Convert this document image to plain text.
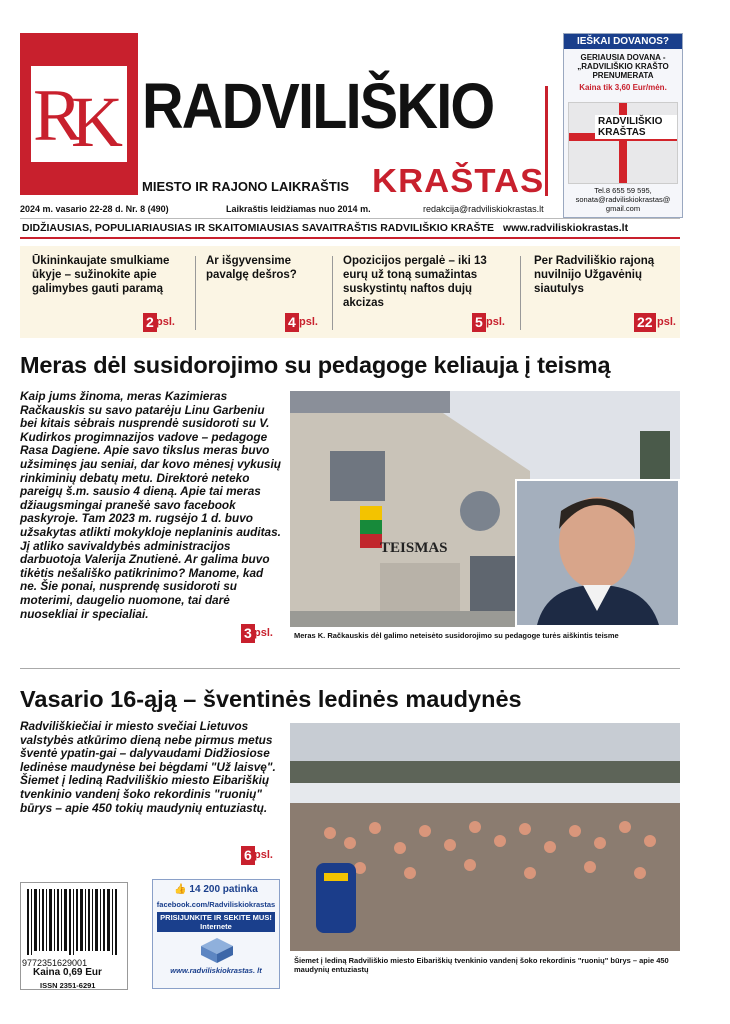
R
K RADVILIŠKIO
MIESTO IR RAJONO LAIKRAŠTIS KRAŠTAS
IEŠKAI DOVANOS?
GERIAUSIA DOVANA - „RADVILIŠKIO KRAŠTO PRENUMERATA
Kaina tik 3,60 Eur/mėn.
RADVILIŠKIO KRAŠTAS
Tel.8 655 59 595,
sonata@radviliskiokrastas@ gmail.com
2024 m. vasario 22-28 d. Nr. 8 (490)	Laikraštis leidžiamas nuo 2014 m.	redakcija@radviliskiokrastas.lt
DIDŽIAUSIAS, POPULIARIAUSIAS IR SKAITOMIAUSIAS SAVAITRAŠTIS RADVILIŠKIO KRAŠTE www.radviliskiokrastas.lt
Ūkininkaujate smulkiame ūkyje – sužinokite apie galimybes gauti paramą
2 psl.
Ar išgyvensime pavalgę dešros?
4 psl.
Opozicijos pergalė – iki 13 eurų už toną sumažintas suskystintų naftos dujų akcizas
5 psl.
Per Radviliškio rajoną nuvilnijo Užgavėnių siautulys
22 psl.
Meras dėl susidorojimo su pedagoge keliauja į teismą
Kaip jums žinoma, meras Kazimieras Račkauskis su savo patarėju Linu Garbeniu bei kitais sėbrais nusprendė susidoroti su V. Kudirkos progimnazijos vadove – pedagoge Rasa Dagiene. Apie savo tikslus meras buvo užsiminęs jau seniai, dar kovo mėnesį vykusių rinkiminių debatų metu. Direktorė neteko pareigų š.m. sausio 4 dieną. Apie tai meras džiaugsmingai pranešė savo facebook paskyroje. Tam 2023 m. rugsėjo 1 d. buvo užsakytas atlikti mokykloje neplaninis auditas. Jį atliko savivaldybės administracijos darbuotoja Valerija Znutienė. Ar galima buvo tikėtis nešališko patikrinimo? Manome, kad ne. Šie ponai, nusprendę susidoroti su moterimi, daugelio nuomone, tai darė nuosekliai ir specialiai.
3 psl.
TEISMAS
Meras K. Račkauskis dėl galimo neteisėto susidorojimo su pedagoge turės aiškintis teisme
Vasario 16-ąją – šventinės ledinės maudynės
Radviliškiečiai ir miesto svečiai Lietuvos valstybės atkūrimo dieną nebe pirmus metus šventė ypatin-gai – dalyvaudami Didžiosiose ledinėse maudynėse bei bėgdami "Už laisvę". Šiemet į lediną Radviliškio miesto Eibariškių tvenkinio vandenį šoko rekordinis "ruonių" būrys – apie 450 tokių maudynių entuziastų.
6 psl.
Šiemet į lediną Radviliškio miesto Eibariškių tvenkinio vandenį šoko rekordinis "ruonių" būrys – apie 450 maudynių entuziastų
9772351629001
Kaina 0,69 Eur
ISSN 2351-6291
👍 14 200 patinka
facebook.com/Radviliskiokrastas
PRISIJUNKITE IR SEKITE MUS! Internete
www.radviliskiokrastas. lt
